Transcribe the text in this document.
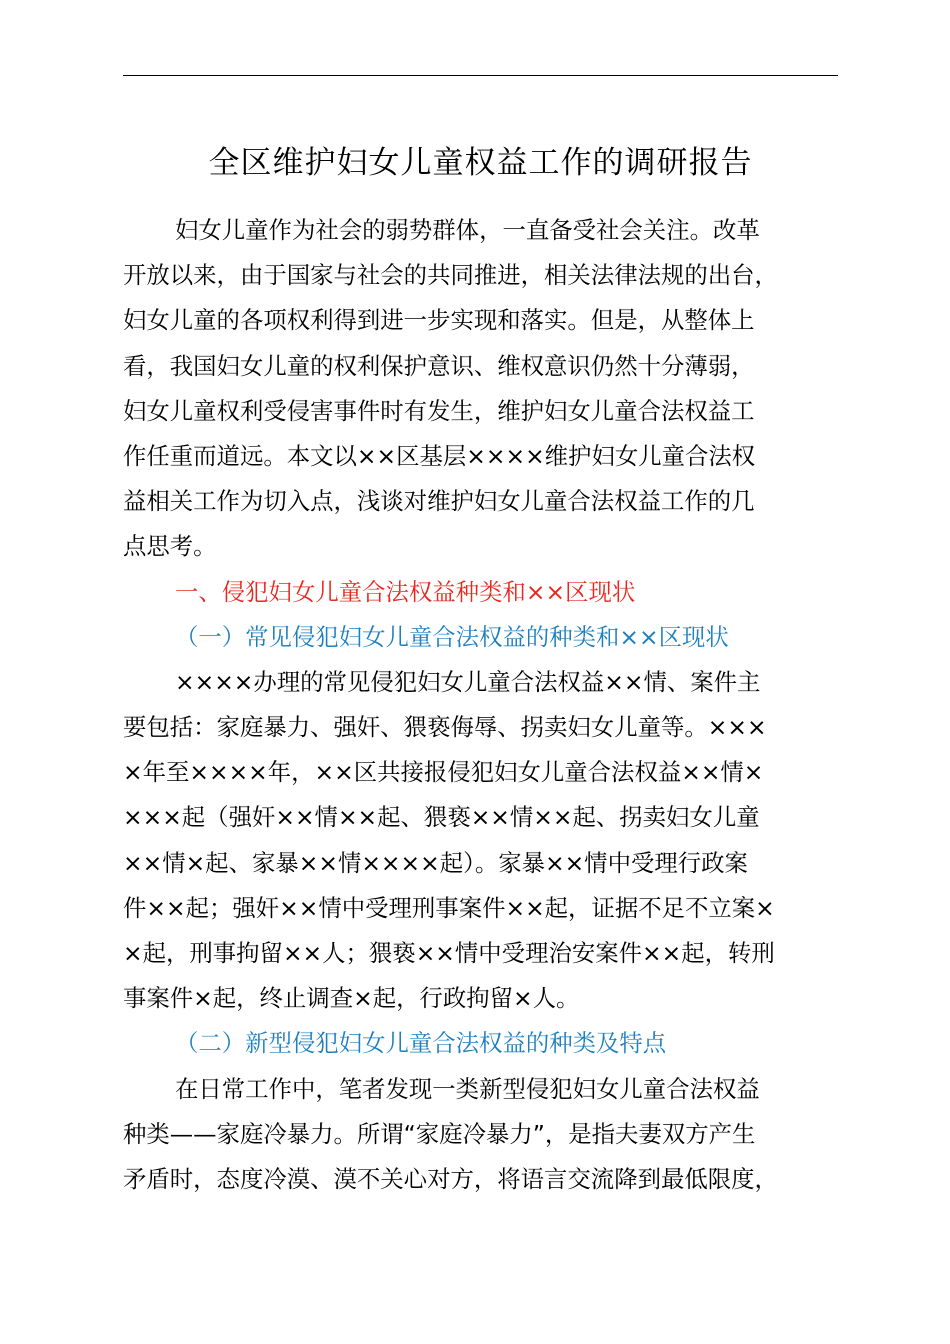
全区维护妇女儿童权益工作的调研报告
妇女儿童作为社会的弱势群体，一直备受社会关注。改革
开放以来，由于国家与社会的共同推进，相关法律法规的出台，
妇女儿童的各项权利得到进一步实现和落实。但是，从整体上
看，我国妇女儿童的权利保护意识、维权意识仍然十分薄弱，
妇女儿童权利受侵害事件时有发生，维护妇女儿童合法权益工
作任重而道远。本文以××区基层××××维护妇女儿童合法权
益相关工作为切入点，浅谈对维护妇女儿童合法权益工作的几
点思考。
一、侵犯妇女儿童合法权益种类和××区现状
（一）常见侵犯妇女儿童合法权益的种类和××区现状
××××办理的常见侵犯妇女儿童合法权益××情、案件主
要包括：家庭暴力、强奸、猥亵侮辱、拐卖妇女儿童等。×××
×年至××××年，××区共接报侵犯妇女儿童合法权益××情×
×××起（强奸××情××起、猥亵××情××起、拐卖妇女儿童
××情×起、家暴××情××××起）。家暴××情中受理行政案
件××起；强奸××情中受理刑事案件××起，证据不足不立案×
×起，刑事拘留××人；猥亵××情中受理治安案件××起，转刑
事案件×起，终止调查×起，行政拘留×人。
（二）新型侵犯妇女儿童合法权益的种类及特点
在日常工作中，笔者发现一类新型侵犯妇女儿童合法权益
种类——家庭冷暴力。所谓“家庭冷暴力”，是指夫妻双方产生
矛盾时，态度冷漠、漠不关心对方，将语言交流降到最低限度，
